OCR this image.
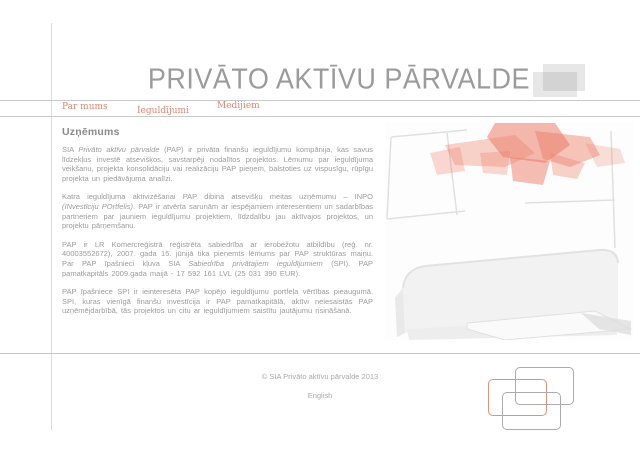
PRIVĀTO AKTĪVU PĀRVALDE
Par mums	Ieguldījumi	Medijiem
Uzņēmums

SIA Privāto aktīvu pārvalde (PAP) ir privāta finanšu ieguldījumu kompānija, kas savus līdzekļus investē atsevišķos, savstarpēji nodalītos projektos. Lēmumu par ieguldījuma veikšanu, projekta konsolidāciju vai realizāciju PAP pieņem, balstoties uz vispusīgu, rūpīgu projekta un piedāvājuma analīzi.

Katra ieguldījuma aktivizēšanai PAP dibina atsevišķu meitas uzņēmumu – INPO (INvestīciju POrtfelis). PAP ir atvērta sarunām ar iespējamiem interesentiem un sadarbības partneriem par jauniem ieguldījumu projektiem, līdzdalību jau aktīvajos projektos, un projektu pārņemšanu.

PAP ir LR Komercreģistrā reģistrēta sabiedrība ar ierobežotu atbildību (reģ. nr. 40003552672), 2007. gada 15. jūnijā tika pieņemts lēmums par PAP struktūras maiņu. Par PAP īpašnieci kļuva SIA Sabiedrība privātajiem ieguldījumiem (SPI). PAP pamatkapitāls 2009.gada maijā - 17 592 161 LVL (25 031 390 EUR).

PAP īpašniece SPI ir ieinteresēta PAP kopējo ieguldījumu portfeļa vērtības pieaugumā. SPI, kuras vienīgā finanšu investīcija ir PAP pamatkapitālā, aktīvi neiesaistās PAP uzņēmējdarbībā, tās projektos un citu ar ieguldījumiem saistītu jautājumu risināšanā.

© SIA Privāto aktīvu pārvalde 2013
English
